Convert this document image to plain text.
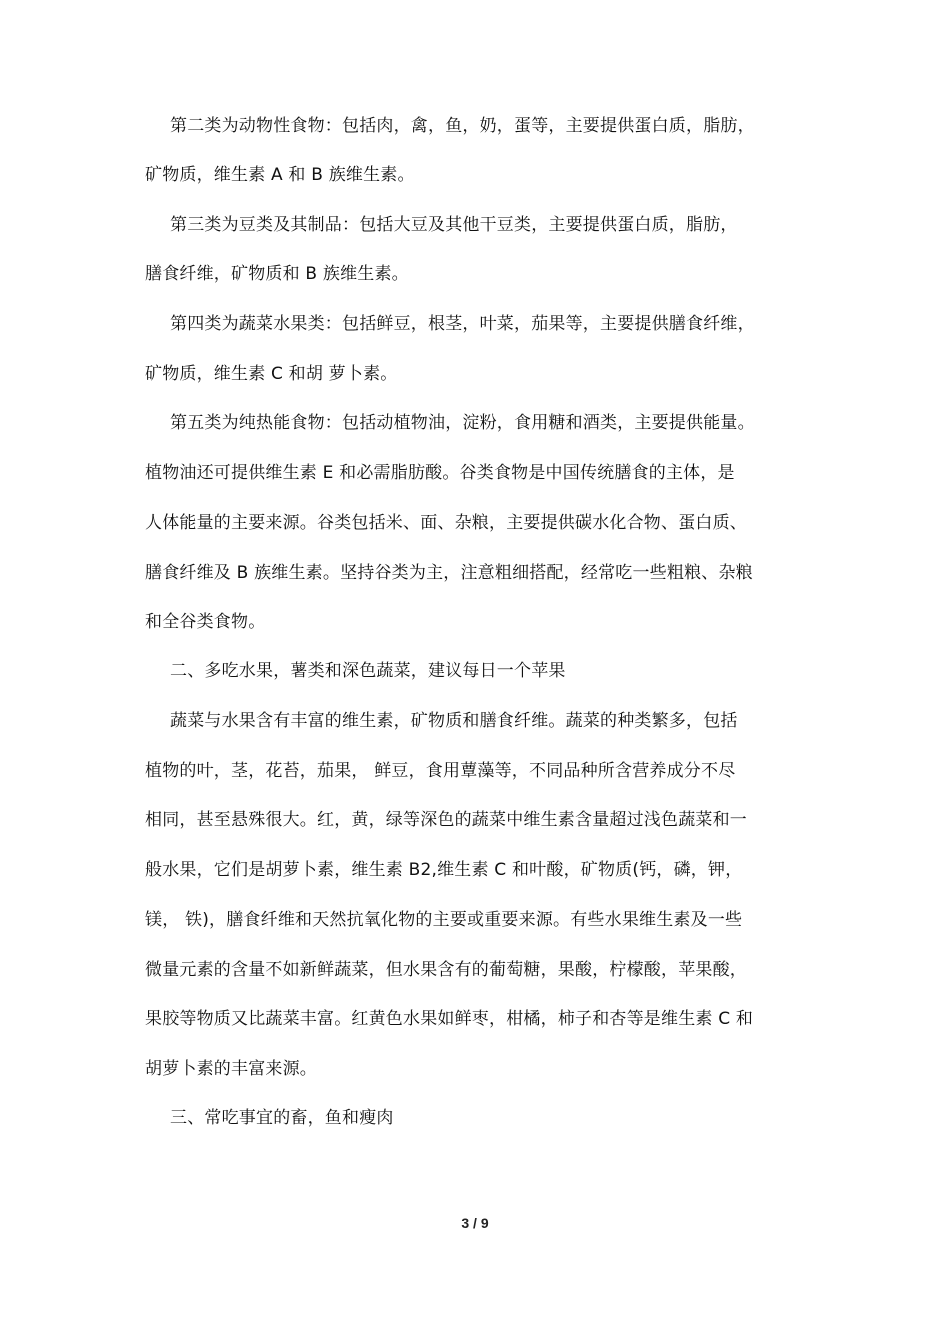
第二类为动物性食物：包括肉，禽，鱼，奶，蛋等，主要提供蛋白质，脂肪，
矿物质，维生素 A 和 B 族维生素。
第三类为豆类及其制品：包括大豆及其他干豆类，主要提供蛋白质，脂肪，
膳食纤维，矿物质和 B 族维生素。
第四类为蔬菜水果类：包括鲜豆，根茎，叶菜，茄果等，主要提供膳食纤维，
矿物质，维生素 C 和胡 萝卜素。
第五类为纯热能食物：包括动植物油，淀粉，食用糖和酒类，主要提供能量。
植物油还可提供维生素 E 和必需脂肪酸。谷类食物是中国传统膳食的主体，是
人体能量的主要来源。谷类包括米、面、杂粮，主要提供碳水化合物、蛋白质、
膳食纤维及 B 族维生素。坚持谷类为主，注意粗细搭配，经常吃一些粗粮、杂粮
和全谷类食物。
二、多吃水果，薯类和深色蔬菜，建议每日一个苹果
蔬菜与水果含有丰富的维生素，矿物质和膳食纤维。蔬菜的种类繁多，包括
植物的叶，茎，花苔，茄果， 鲜豆，食用蕈藻等，不同品种所含营养成分不尽
相同，甚至悬殊很大。红，黄，绿等深色的蔬菜中维生素含量超过浅色蔬菜和一
般水果，它们是胡萝卜素，维生素 B2,维生素 C 和叶酸，矿物质(钙，磷，钾，
镁， 铁)，膳食纤维和天然抗氧化物的主要或重要来源。有些水果维生素及一些
微量元素的含量不如新鲜蔬菜，但水果含有的葡萄糖，果酸，柠檬酸，苹果酸，
果胶等物质又比蔬菜丰富。红黄色水果如鲜枣，柑橘，柿子和杏等是维生素 C 和
胡萝卜素的丰富来源。
三、常吃事宜的畜，鱼和瘦肉
3 / 9
